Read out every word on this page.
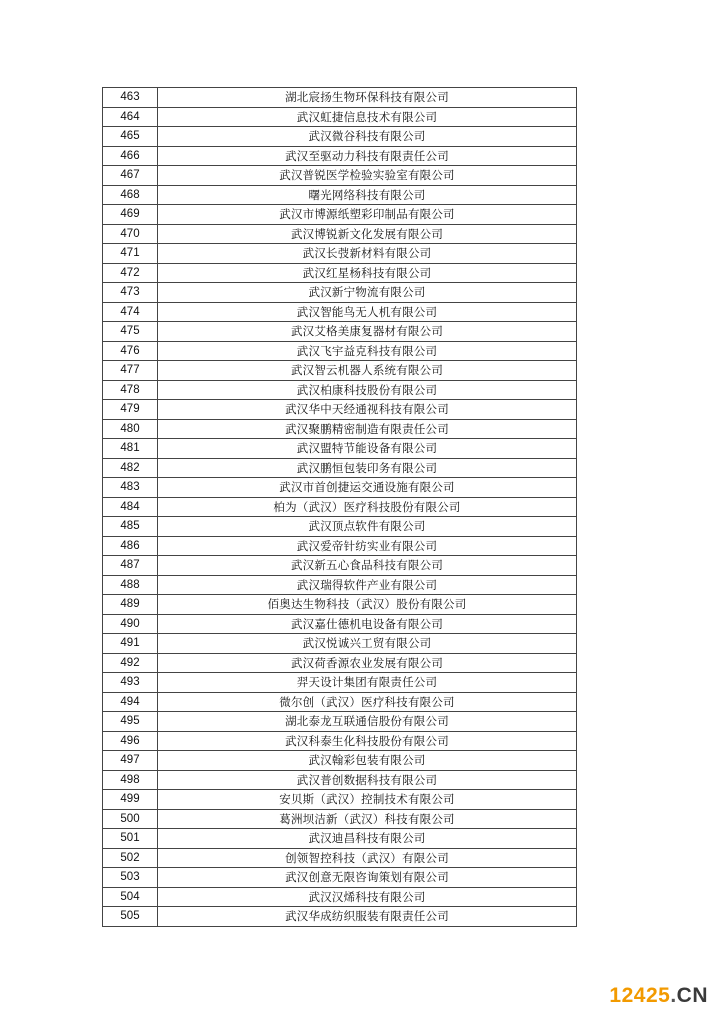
463	湖北宸扬生物环保科技有限公司
464	武汉虹捷信息技术有限公司
465	武汉微谷科技有限公司
466	武汉至驱动力科技有限责任公司
467	武汉普锐医学检验实验室有限公司
468	曙光网络科技有限公司
469	武汉市博源纸塑彩印制品有限公司
470	武汉博锐新文化发展有限公司
471	武汉长弢新材料有限公司
472	武汉红星杨科技有限公司
473	武汉新宁物流有限公司
474	武汉智能鸟无人机有限公司
475	武汉艾格美康复器材有限公司
476	武汉飞宇益克科技有限公司
477	武汉智云机器人系统有限公司
478	武汉柏康科技股份有限公司
479	武汉华中天经通视科技有限公司
480	武汉聚鹏精密制造有限责任公司
481	武汉盟特节能设备有限公司
482	武汉鹏恒包装印务有限公司
483	武汉市首创捷运交通设施有限公司
484	柏为（武汉）医疗科技股份有限公司
485	武汉顶点软件有限公司
486	武汉爱帝针纺实业有限公司
487	武汉新五心食品科技有限公司
488	武汉瑞得软件产业有限公司
489	佰奥达生物科技（武汉）股份有限公司
490	武汉嘉仕德机电设备有限公司
491	武汉悦诚兴工贸有限公司
492	武汉荷香源农业发展有限公司
493	羿天设计集团有限责任公司
494	微尔创（武汉）医疗科技有限公司
495	湖北泰龙互联通信股份有限公司
496	武汉科泰生化科技股份有限公司
497	武汉翰彩包装有限公司
498	武汉普创数据科技有限公司
499	安贝斯（武汉）控制技术有限公司
500	葛洲坝洁新（武汉）科技有限公司
501	武汉迪昌科技有限公司
502	创领智控科技（武汉）有限公司
503	武汉创意无限咨询策划有限公司
504	武汉汉烯科技有限公司
505	武汉华成纺织服装有限责任公司
12425.CN
